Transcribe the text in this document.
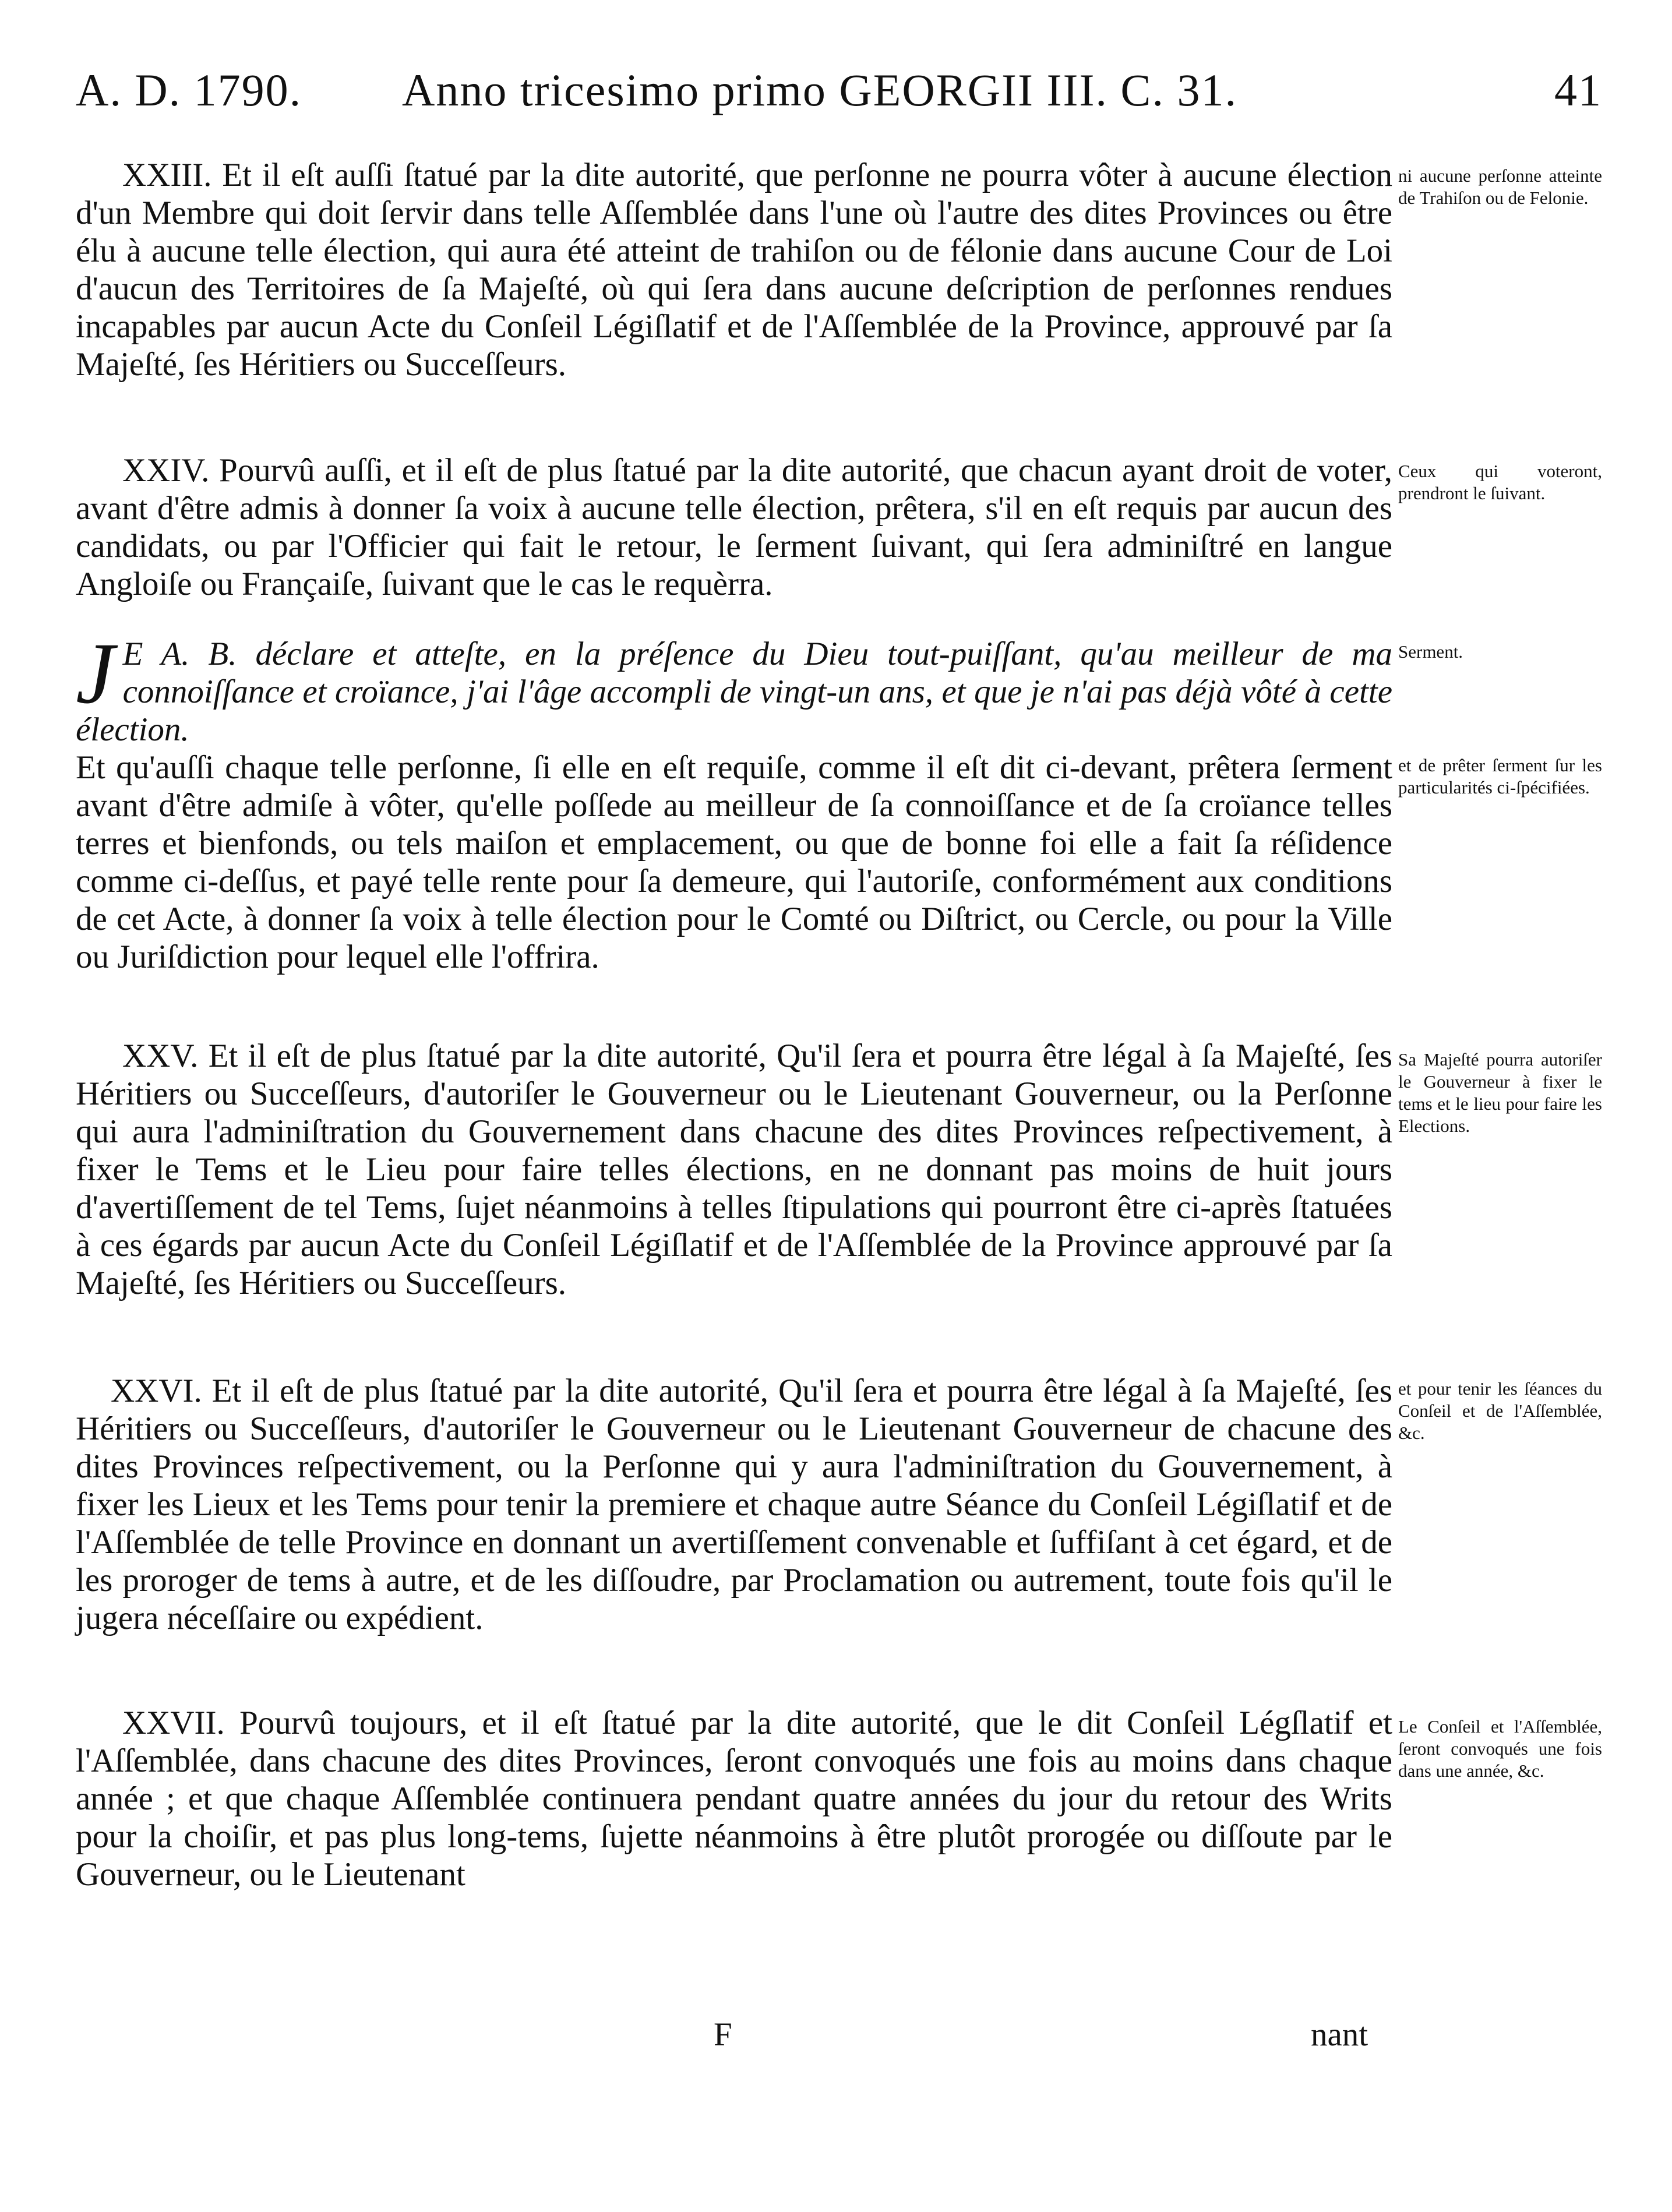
A. D. 1790. Anno tricesimo primo GEORGII III. C. 31.	41
XXIII. Et il eſt auſſi ſtatué par la dite autorité, que perſonne ne pourra vôter à aucune élection d'un Membre qui doit ſervir dans telle Aſſemblée dans l'une où l'autre des dites Provinces ou être élu à aucune telle élection, qui aura été atteint de trahiſon ou de félonie dans aucune Cour de Loi d'aucun des Territoires de ſa Majeſté, où qui ſera dans aucune deſcription de perſonnes rendues incapables par aucun Acte du Conſeil Légiſlatif et de l'Aſſemblée de la Province, approuvé par ſa Majeſté, ſes Héritiers ou Succeſſeurs.
ni aucune perſonne atteinte de Trahiſon ou de Felonie.
XXIV. Pourvû auſſi, et il eſt de plus ſtatué par la dite autorité, que chacun ayant droit de voter, avant d'être admis à donner ſa voix à aucune telle élection, prêtera, s'il en eſt requis par aucun des candidats, ou par l'Officier qui fait le retour, le ſerment ſuivant, qui ſera adminiſtré en langue Angloiſe ou Françaiſe, ſuivant que le cas le requèrra.
Ceux qui voteront, prendront le ſuivant.
J E A. B. déclare et atteſte, en la préſence du Dieu tout-puiſſant, qu'au meilleur de ma connoiſſance et croïance, j'ai l'âge accompli de vingt-un ans, et que je n'ai pas déjà vôté à cette élection.
Serment.
Et qu'auſſi chaque telle perſonne, ſi elle en eſt requiſe, comme il eſt dit ci-devant, prêtera ſerment avant d'être admiſe à vôter, qu'elle poſſede au meilleur de ſa connoiſſance et de ſa croïance telles terres et bienfonds, ou tels maiſon et emplacement, ou que de bonne foi elle a fait ſa réſidence comme ci-deſſus, et payé telle rente pour ſa demeure, qui l'autoriſe, conformément aux conditions de cet Acte, à donner ſa voix à telle élection pour le Comté ou Diſtrict, ou Cercle, ou pour la Ville ou Juriſdiction pour lequel elle l'offrira.
et de prêter ſerment ſur les particularités ci-ſpécifiées.
XXV. Et il eſt de plus ſtatué par la dite autorité, Qu'il ſera et pourra être légal à ſa Majeſté, ſes Héritiers ou Succeſſeurs, d'autoriſer le Gouverneur ou le Lieutenant Gouverneur, ou la Perſonne qui aura l'adminiſtration du Gouvernement dans chacune des dites Provinces reſpectivement, à fixer le Tems et le Lieu pour faire telles élections, en ne donnant pas moins de huit jours d'avertiſſement de tel Tems, ſujet néanmoins à telles ſtipulations qui pourront être ci-après ſtatuées à ces égards par aucun Acte du Conſeil Légiſlatif et de l'Aſſemblée de la Province approuvé par ſa Majeſté, ſes Héritiers ou Succeſſeurs.
Sa Majeſté pourra autoriſer le Gouverneur à fixer le tems et le lieu pour faire les Elections.
XXVI. Et il eſt de plus ſtatué par la dite autorité, Qu'il ſera et pourra être légal à ſa Majeſté, ſes Héritiers ou Succeſſeurs, d'autoriſer le Gouverneur ou le Lieutenant Gouverneur de chacune des dites Provinces reſpectivement, ou la Perſonne qui y aura l'adminiſtration du Gouvernement, à fixer les Lieux et les Tems pour tenir la premiere et chaque autre Séance du Conſeil Légiſlatif et de l'Aſſemblée de telle Province en donnant un avertiſſement convenable et ſuffiſant à cet égard, et de les proroger de tems à autre, et de les diſſoudre, par Proclamation ou autrement, toute fois qu'il le jugera néceſſaire ou expédient.
et pour tenir les ſéances du Conſeil et de l'Aſſemblée, &c.
XXVII. Pourvû toujours, et il eſt ſtatué par la dite autorité, que le dit Conſeil Légſlatif et l'Aſſemblée, dans chacune des dites Provinces, ſeront convoqués une fois au moins dans chaque année ; et que chaque Aſſemblée continuera pendant quatre années du jour du retour des Writs pour la choiſir, et pas plus long-tems, ſujette néanmoins à être plutôt prorogée ou diſſoute par le Gouverneur, ou le Lieutenant
Le Conſeil et l'Aſſemblée, ſeront convoqués une fois dans une année, &c.
F	nant
